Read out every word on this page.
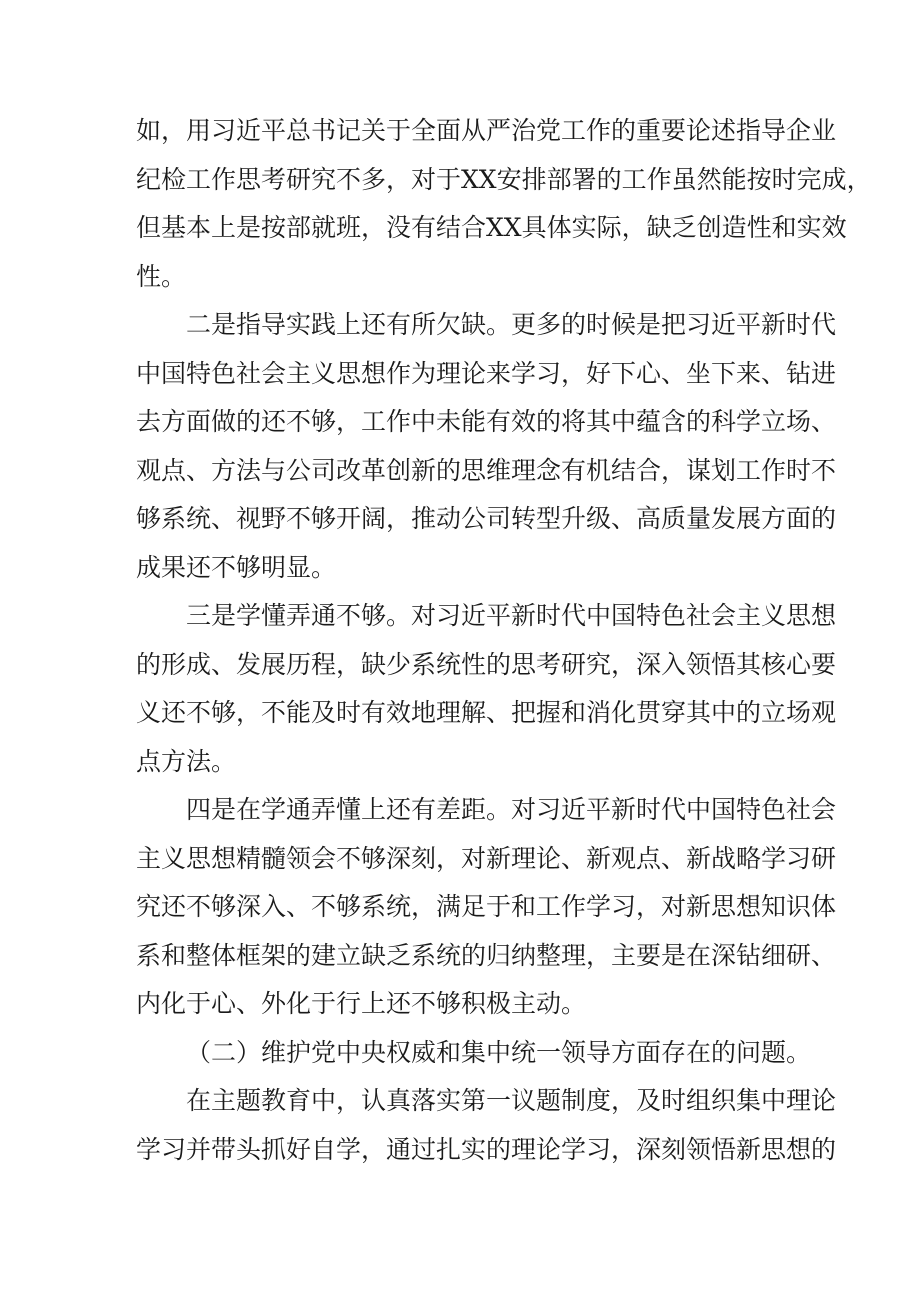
如，用习近平总书记关于全面从严治党工作的重要论述指导企业
纪检工作思考研究不多，对于XX安排部署的工作虽然能按时完成，
但基本上是按部就班，没有结合XX具体实际，缺乏创造性和实效
性。
二是指导实践上还有所欠缺。更多的时候是把习近平新时代
中国特色社会主义思想作为理论来学习，好下心、坐下来、钻进
去方面做的还不够，工作中未能有效的将其中蕴含的科学立场、
观点、方法与公司改革创新的思维理念有机结合，谋划工作时不
够系统、视野不够开阔，推动公司转型升级、高质量发展方面的
成果还不够明显。
三是学懂弄通不够。对习近平新时代中国特色社会主义思想
的形成、发展历程，缺少系统性的思考研究，深入领悟其核心要
义还不够，不能及时有效地理解、把握和消化贯穿其中的立场观
点方法。
四是在学通弄懂上还有差距。对习近平新时代中国特色社会
主义思想精髓领会不够深刻，对新理论、新观点、新战略学习研
究还不够深入、不够系统，满足于和工作学习，对新思想知识体
系和整体框架的建立缺乏系统的归纳整理，主要是在深钻细研、
内化于心、外化于行上还不够积极主动。
（二）维护党中央权威和集中统一领导方面存在的问题。
在主题教育中，认真落实第一议题制度，及时组织集中理论
学习并带头抓好自学，通过扎实的理论学习，深刻领悟新思想的
